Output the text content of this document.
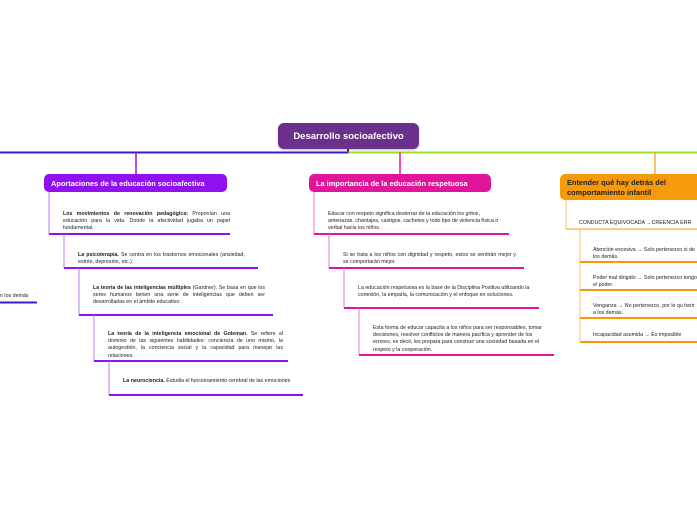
Desarrollo socioafectivo
n los demás
Aportaciones de la educación socioafectiva
Los movimientos de renovación pedagógica: Proponían una educación para la vida. Donde la afectividad jugaba un papel fundamental.
La psicoterapia. Se centra en los trastornos emocionales (ansiedad, estrés, depresión, etc.)
La teoría de las inteligencias múltiples (Gardner). Se basa en que los seres humanos tienen una serie de inteligencias que deben ser desarrolladas en el ámbito educativo.
La teoría de la inteligencia emocional de Goleman. Se refiere al dominio de las siguientes habilidades: conciencia de uno mismo, la autogestión, la conciencia social y la capacidad para manejar las relaciones.
La neurociencia. Estudia el funcionamiento cerebral de las emociones
La importancia de la educación respetuosa
Educar con respeto significa desterrar de la educación los gritos, amenazas, chantajes, castigos, cachetes y todo tipo de violencia física o verbal hacia los niños.
Si se trata a los niños con dignidad y respeto, estos se sentirán mejor y se comportarán mejor.
La educación respetuosa es la base de la Disciplina Positiva utilizando la conexión, la empatía, la comunicación y el enfoque en soluciones.
Esta forma de educar capacita a los niños para ser responsables, tomar decisiones, resolver conflictos de manera pacífica y aprender de los errores, es decir, les prepara para construir una sociedad basada en el respeto y la cooperación.
Entender qué hay detrás del comportamiento infantil
CONDUCTA EQUIVOCADA →CREENCIA ERR
Atención excesiva → Solo pertenezco si de los demás.
Poder mal dirigido → Solo pertenezco tengo el poder.
Venganza → No pertenezco, por lo qu herir a los demás.
Incapacidad asumida → Es imposible
